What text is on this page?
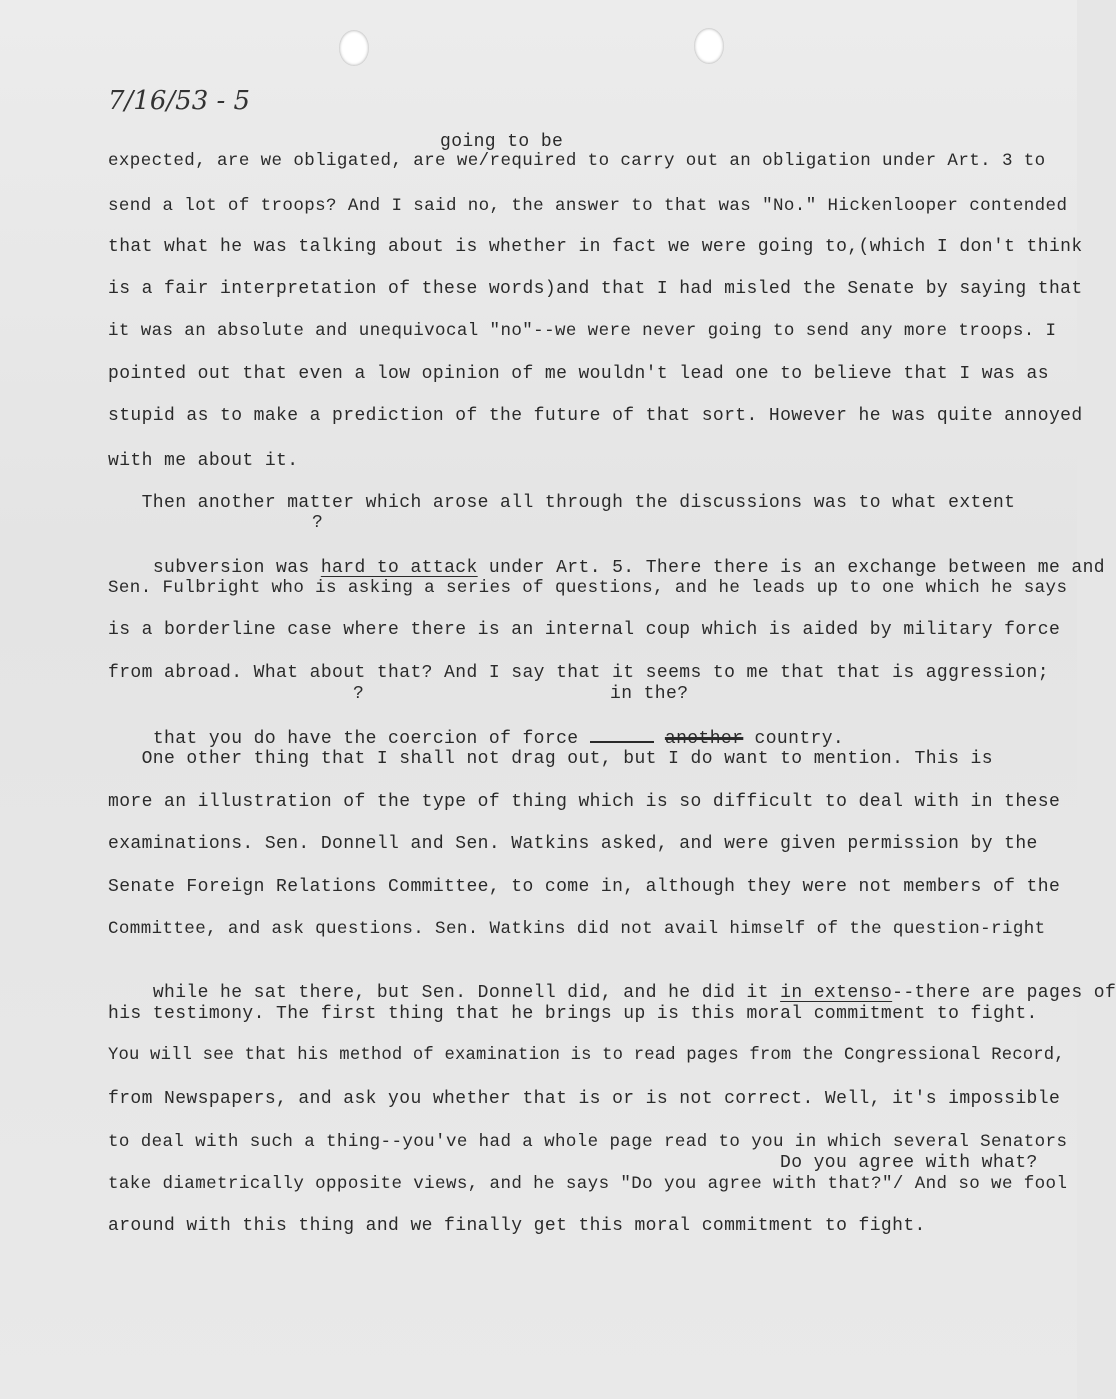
7/16/53 - 5
going to be
expected, are we obligated, are we/required to carry out an obligation under Art. 3 to
send a lot of troops? And I said no, the answer to that was "No." Hickenlooper contended
that what he was talking about is whether in fact we were going to,(which I don't think
is a fair interpretation of these words)and that I had misled the Senate by saying that
it was an absolute and unequivocal "no"--we were never going to send any more troops. I
pointed out that even a low opinion of me wouldn't lead one to believe that I was as
stupid as to make a prediction of the future of that sort. However he was quite annoyed
with me about it.
Then another matter which arose all through the discussions was to what extent
?

subversion was hard to attack under Art. 5. There there is an exchange between me and

Sen. Fulbright who is asking a series of questions, and he leads up to one which he says
is a borderline case where there is an internal coup which is aided by military force
from abroad. What about that? And I say that it seems to me that that is aggression;
?	in the?

that you do have the coercion of force	another country.

One other thing that I shall not drag out, but I do want to mention. This is
more an illustration of the type of thing which is so difficult to deal with in these
examinations. Sen. Donnell and Sen. Watkins asked, and were given permission by the
Senate Foreign Relations Committee, to come in, although they were not members of the
Committee, and ask questions. Sen. Watkins did not avail himself of the question-right

while he sat there, but Sen. Donnell did, and he did it in extenso--there are pages of

his testimony. The first thing that he brings up is this moral commitment to fight.
You will see that his method of examination is to read pages from the Congressional Record,
from Newspapers, and ask you whether that is or is not correct. Well, it's impossible
to deal with such a thing--you've had a whole page read to you in which several Senators
Do you agree with what?
take diametrically opposite views, and he says "Do you agree with that?"/ And so we fool
around with this thing and we finally get this moral commitment to fight.
